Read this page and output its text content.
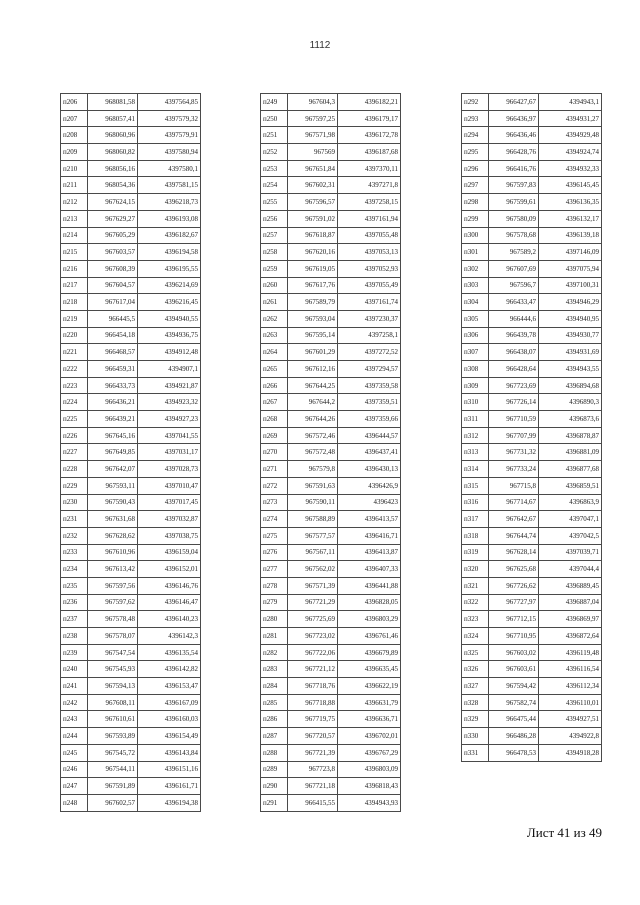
1112
п206	968081,58	4397564,85
п207	968057,41	4397579,32
п208	968060,96	4397579,91
п209	968060,82	4397580,94
п210	968056,16	4397580,1
п211	968054,36	4397581,15
п212	967624,15	4396218,73
п213	967629,27	4396193,08
п214	967605,29	4396182,67
п215	967603,57	4396194,58
п216	967608,39	4396195,55
п217	967604,57	4396214,69
п218	967617,04	4396216,45
п219	966445,5	4394940,55
п220	966454,18	4394936,75
п221	966468,57	4394912,48
п222	966459,31	4394907,1
п223	966433,73	4394921,87
п224	966436,21	4394923,32
п225	966439,21	4394927,23
п226	967645,16	4397041,55
п227	967649,85	4397031,17
п228	967642,07	4397028,73
п229	967593,11	4397010,47
п230	967590,43	4397017,45
п231	967631,68	4397032,87
п232	967628,62	4397038,75
п233	967610,96	4396159,04
п234	967613,42	4396152,01
п235	967597,56	4396146,76
п236	967597,62	4396146,47
п237	967578,48	4396140,23
п238	967578,07	4396142,3
п239	967547,54	4396135,54
п240	967545,93	4396142,82
п241	967594,13	4396153,47
п242	967608,11	4396167,09
п243	967610,61	4396160,03
п244	967593,89	4396154,49
п245	967545,72	4396143,84
п246	967544,11	4396151,16
п247	967591,89	4396161,71
п248	967602,57	4396194,38
п249	967604,3	4396182,21
п250	967597,25	4396179,17
п251	967571,98	4396172,78
п252	967569	4396187,68
п253	967651,84	4397370,11
п254	967602,31	4397271,8
п255	967596,57	4397258,15
п256	967591,02	4397161,94
п257	967618,87	4397055,48
п258	967620,16	4397053,13
п259	967619,05	4397052,93
п260	967617,76	4397055,49
п261	967589,79	4397161,74
п262	967593,04	4397230,37
п263	967595,14	4397258,1
п264	967601,29	4397272,52
п265	967612,16	4397294,57
п266	967644,25	4397359,58
п267	967644,2	4397359,51
п268	967644,26	4397359,66
п269	967572,46	4396444,57
п270	967572,48	4396437,41
п271	967579,8	4396430,13
п272	967591,63	4396426,9
п273	967590,11	4396423
п274	967588,89	4396413,57
п275	967577,57	4396416,71
п276	967567,11	4396413,87
п277	967562,02	4396407,33
п278	967571,39	4396441,88
п279	967721,29	4396828,05
п280	967725,69	4396803,29
п281	967723,02	4396761,46
п282	967722,06	4396679,89
п283	967721,12	4396635,45
п284	967718,76	4396622,19
п285	967718,88	4396631,79
п286	967719,75	4396636,71
п287	967720,57	4396702,01
п288	967721,39	4396767,29
п289	967723,8	4396803,09
п290	967721,18	4396818,43
п291	966415,55	4394943,93
п292	966427,67	4394943,1
п293	966436,97	4394931,27
п294	966436,46	4394929,48
п295	966428,76	4394924,74
п296	966416,76	4394932,33
п297	967597,83	4396145,45
п298	967599,61	4396136,35
п299	967580,09	4396132,17
п300	967578,68	4396139,18
п301	967589,2	4397146,09
п302	967607,69	4397075,94
п303	967596,7	4397100,31
п304	966433,47	4394946,29
п305	966444,6	4394940,95
п306	966439,78	4394930,77
п307	966438,07	4394931,69
п308	966428,64	4394943,55
п309	967723,69	4396894,68
п310	967726,14	4396890,3
п311	967710,59	4396873,6
п312	967707,99	4396878,87
п313	967731,32	4396881,09
п314	967733,24	4396877,68
п315	967715,8	4396859,51
п316	967714,67	4396863,9
п317	967642,67	4397047,1
п318	967644,74	4397042,5
п319	967628,14	4397039,71
п320	967625,68	4397044,4
п321	967726,62	4396889,45
п322	967727,97	4396887,04
п323	967712,15	4396869,97
п324	967710,95	4396872,64
п325	967603,02	4396119,48
п326	967603,61	4396116,54
п327	967594,42	4396112,34
п328	967582,74	4396110,01
п329	966475,44	4394927,51
п330	966486,28	4394922,8
п331	966478,53	4394918,28
Лист 41 из 49
